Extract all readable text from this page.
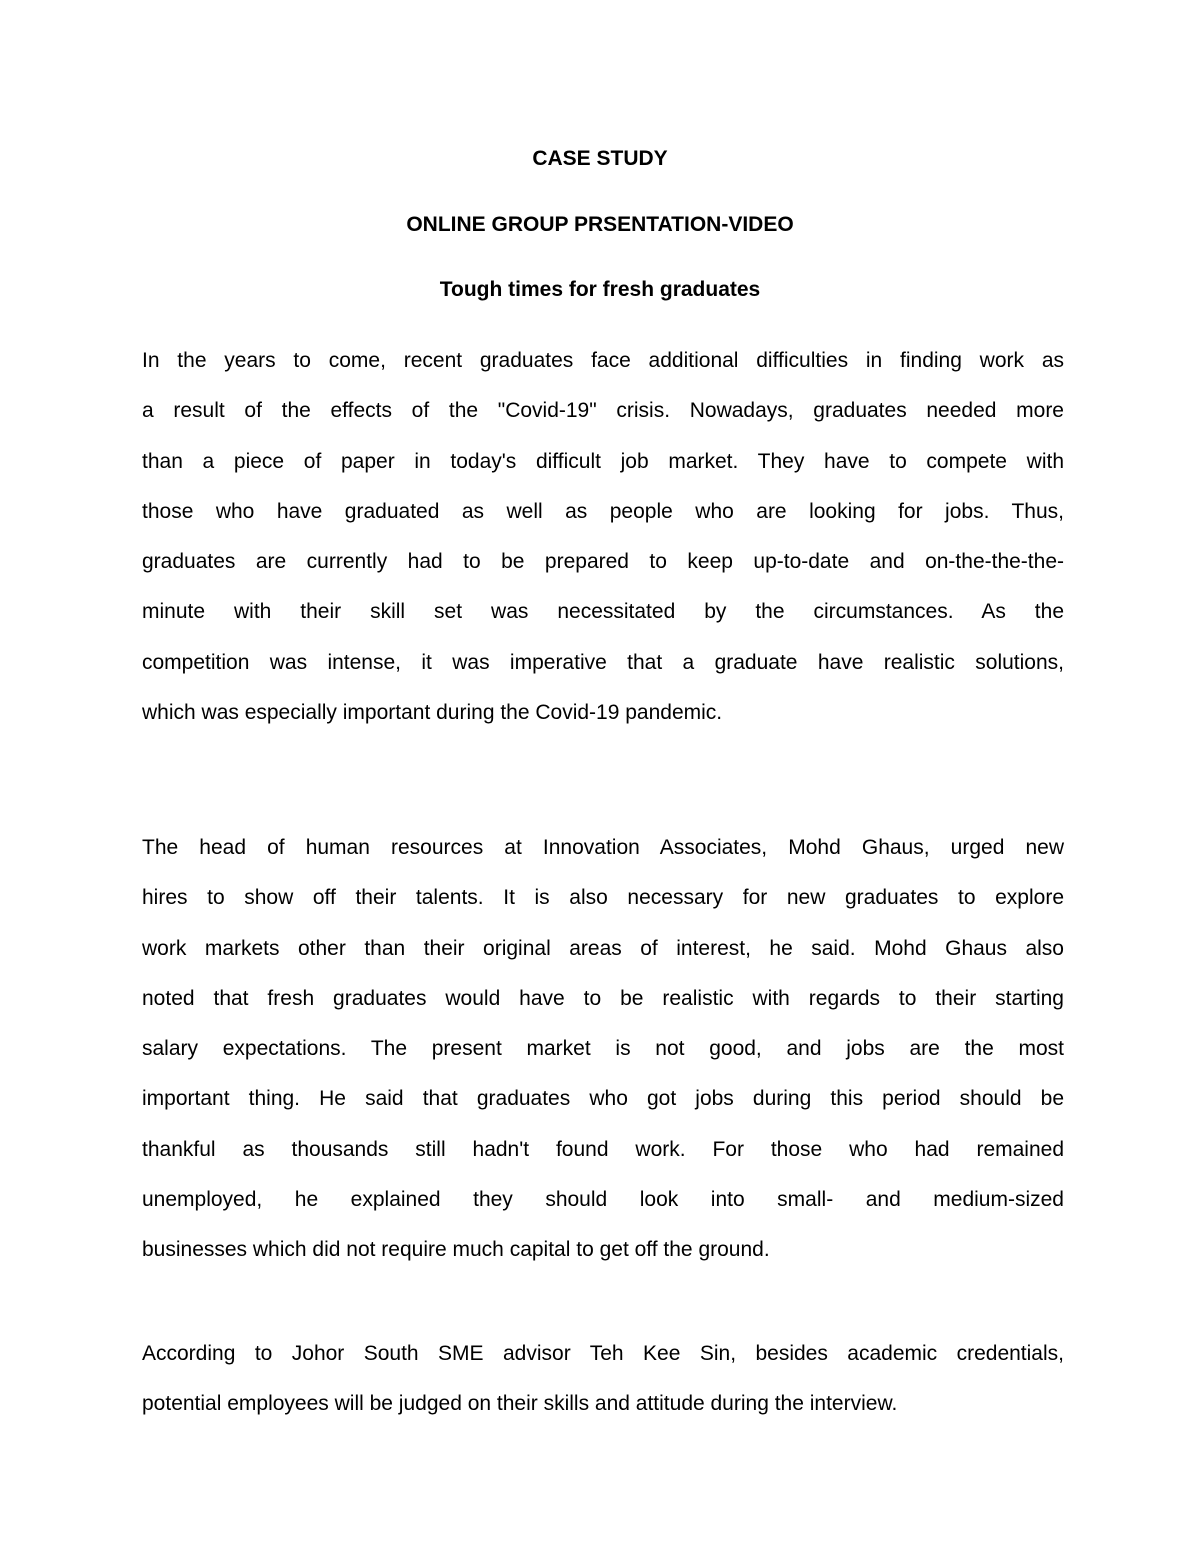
CASE STUDY

ONLINE GROUP PRSENTATION-VIDEO

Tough times for fresh graduates

In the years to come, recent graduates face additional difficulties in finding work as
a result of the effects of the "Covid-19" crisis. Nowadays, graduates needed more
than a piece of paper in today's difficult job market. They have to compete with
those who have graduated as well as people who are looking for jobs. Thus,
graduates are currently had to be prepared to keep up-to-date and on-the-the-the-
minute with their skill set was necessitated by the circumstances. As the
competition was intense, it was imperative that a graduate have realistic solutions,
which was especially important during the Covid-19 pandemic.
The head of human resources at Innovation Associates, Mohd Ghaus, urged new
hires to show off their talents. It is also necessary for new graduates to explore
work markets other than their original areas of interest, he said. Mohd Ghaus also
noted that fresh graduates would have to be realistic with regards to their starting
salary expectations. The present market is not good, and jobs are the most
important thing. He said that graduates who got jobs during this period should be
thankful as thousands still hadn't found work. For those who had remained
unemployed, he explained they should look into small- and medium-sized
businesses which did not require much capital to get off the ground.
According to Johor South SME advisor Teh Kee Sin, besides academic credentials,
potential employees will be judged on their skills and attitude during the interview.
